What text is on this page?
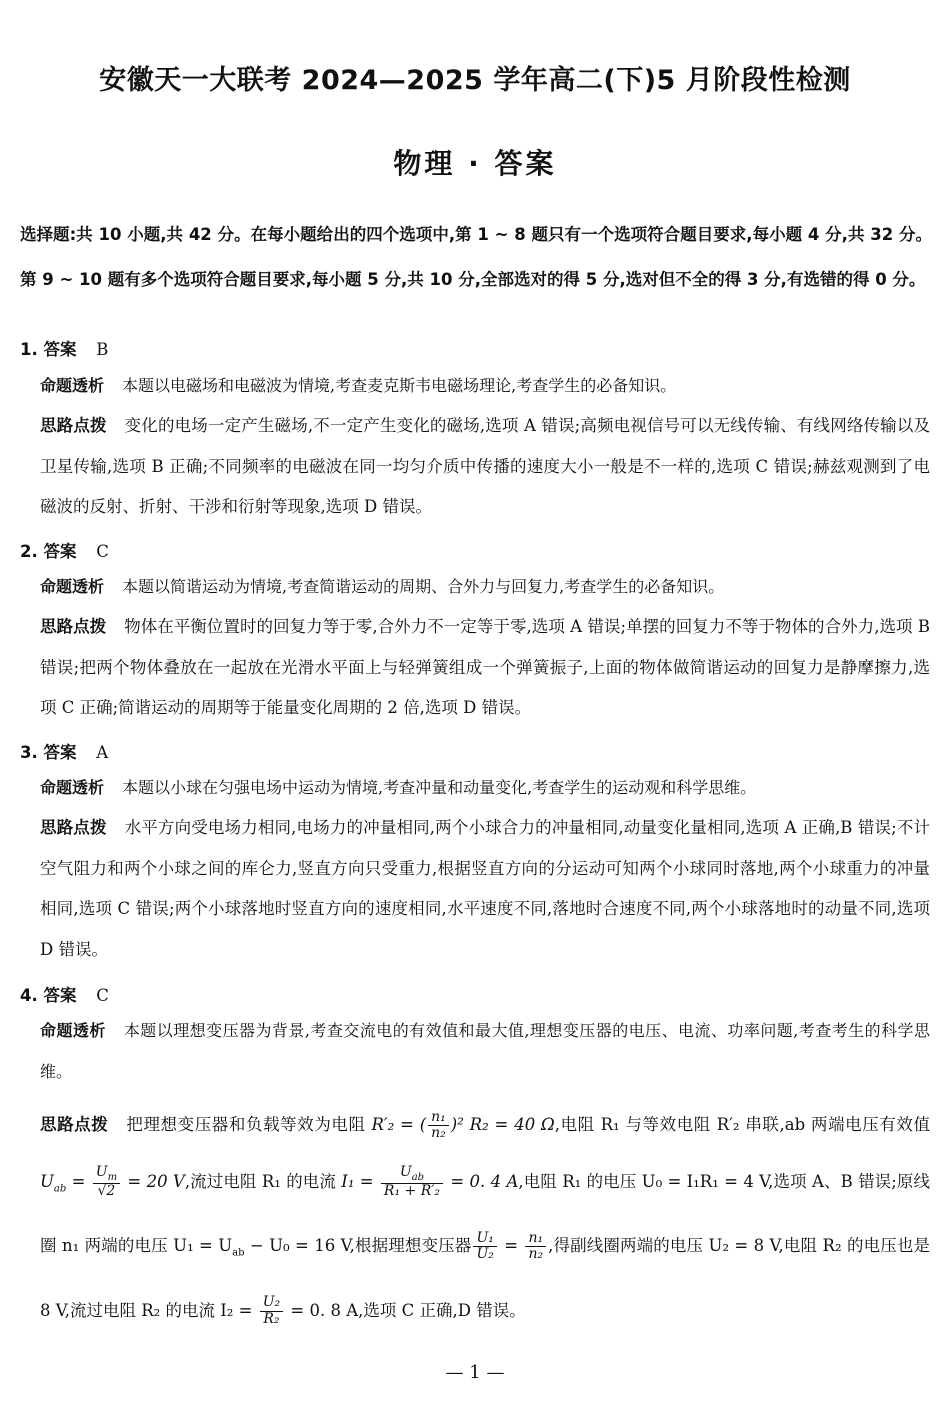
安徽天一大联考 2024—2025 学年高二(下)5 月阶段性检测
物理 · 答案
选择题:共 10 小题,共 42 分。在每小题给出的四个选项中,第 1 ~ 8 题只有一个选项符合题目要求,每小题 4 分,共 32 分。第 9 ~ 10 题有多个选项符合题目要求,每小题 5 分,共 10 分,全部选对的得 5 分,选对但不全的得 3 分,有选错的得 0 分。
1. 答案 B
命题透析 本题以电磁场和电磁波为情境,考查麦克斯韦电磁场理论,考查学生的必备知识。
思路点拨 变化的电场一定产生磁场,不一定产生变化的磁场,选项 A 错误;高频电视信号可以无线传输、有线网络传输以及卫星传输,选项 B 正确;不同频率的电磁波在同一均匀介质中传播的速度大小一般是不一样的,选项 C 错误;赫兹观测到了电磁波的反射、折射、干涉和衍射等现象,选项 D 错误。
2. 答案 C
命题透析 本题以简谐运动为情境,考查简谐运动的周期、合外力与回复力,考查学生的必备知识。
思路点拨 物体在平衡位置时的回复力等于零,合外力不一定等于零,选项 A 错误;单摆的回复力不等于物体的合外力,选项 B 错误;把两个物体叠放在一起放在光滑水平面上与轻弹簧组成一个弹簧振子,上面的物体做简谐运动的回复力是静摩擦力,选项 C 正确;简谐运动的周期等于能量变化周期的 2 倍,选项 D 错误。
3. 答案 A
命题透析 本题以小球在匀强电场中运动为情境,考查冲量和动量变化,考查学生的运动观和科学思维。
思路点拨 水平方向受电场力相同,电场力的冲量相同,两个小球合力的冲量相同,动量变化量相同,选项 A 正确,B 错误;不计空气阻力和两个小球之间的库仑力,竖直方向只受重力,根据竖直方向的分运动可知两个小球同时落地,两个小球重力的冲量相同,选项 C 错误;两个小球落地时竖直方向的速度相同,水平速度不同,落地时合速度不同,两个小球落地时的动量不同,选项 D 错误。
4. 答案 C
命题透析 本题以理想变压器为背景,考查交流电的有效值和最大值,理想变压器的电压、电流、功率问题,考查考生的科学思维。
思路点拨 把理想变压器和负载等效为电阻 R′₂ = ( $\frac{\text{n₁}}{\text{n₂}} )^2$ R₂ = 40 Ω,电阻 R₁ 与等效电阻 R′₂ 串联,ab 两端电压有效值 $U_{ab} = \frac{U_m}{√2} = 20$ V,流过电阻 R₁ 的电流 $I_1 = \frac{U_{ab}}{\text{R₁ + R′₂}} = 0$. 4 A,电阻 R₁ 的电压 U₀ = I₁R₁ = 4 V,选项 A、B 错误;原线圈 n₁ 两端的电压 $U_1 = U_{ab} - U_0 = 16$ V,根据理想变压器 $\frac{\text{U₁}}{\text{U₂}} = \frac{\text{n₁}}{\text{n₂}}$ ,得副线圈两端的电压 U₂ = 8 V,电阻 R₂ 的电压也是 8 V,流过电阻 R₂ 的电流 $I_2 = \frac{\text{U₂}}{\text{R₂}} = 0$. 8 A,选项 C 正确,D 错误。
— 1 —
